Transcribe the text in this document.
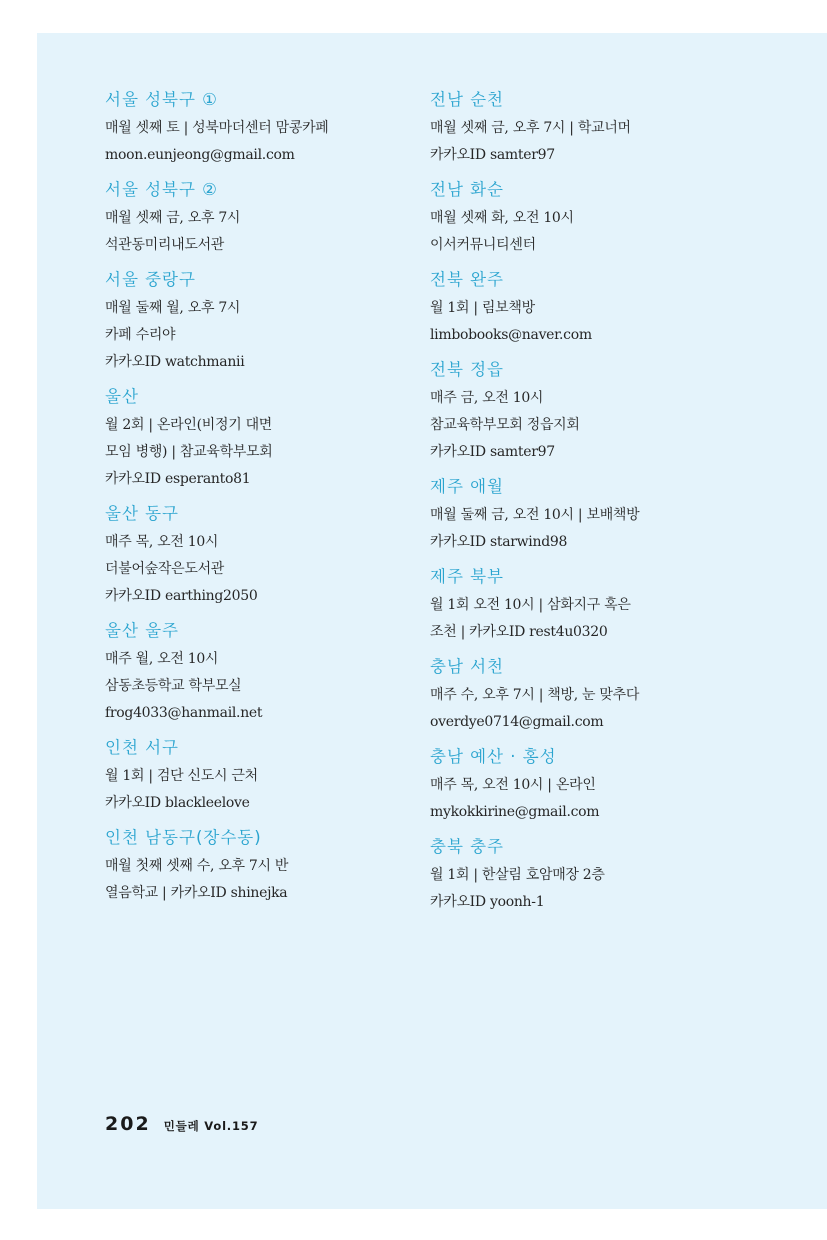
서울 성북구 ①
매월 셋째 토 | 성북마더센터 맘콩카페
moon.eunjeong@gmail.com
서울 성북구 ②
매월 셋째 금, 오후 7시
석관동미리내도서관
서울 중랑구
매월 둘째 월, 오후 7시
카페 수리야
카카오ID watchmanii
울산
월 2회 | 온라인(비정기 대면
모임 병행) | 참교육학부모회
카카오ID esperanto81
울산 동구
매주 목, 오전 10시
더불어숲작은도서관
카카오ID earthing2050
울산 울주
매주 월, 오전 10시
삼동초등학교 학부모실
frog4033@hanmail.net
인천 서구
월 1회 | 검단 신도시 근처
카카오ID blackleelove
인천 남동구(장수동)
매월 첫째 셋째 수, 오후 7시 반
열음학교 | 카카오ID shinejka
전남 순천
매월 셋째 금, 오후 7시 | 학교너머
카카오ID samter97
전남 화순
매월 셋째 화, 오전 10시
이서커뮤니티센터
전북 완주
월 1회 | 림보책방
limbobooks@naver.com
전북 정읍
매주 금, 오전 10시
참교육학부모회 정읍지회
카카오ID samter97
제주 애월
매월 둘째 금, 오전 10시 | 보배책방
카카오ID starwind98
제주 북부
월 1회 오전 10시 | 삼화지구 혹은
조천 | 카카오ID rest4u0320
충남 서천
매주 수, 오후 7시 | 책방, 눈 맞추다
overdye0714@gmail.com
충남 예산 · 홍성
매주 목, 오전 10시 | 온라인
mykokkirine@gmail.com
충북 충주
월 1회 | 한살림 호암매장 2층
카카오ID yoonh-1
202 민들레 Vol.157
